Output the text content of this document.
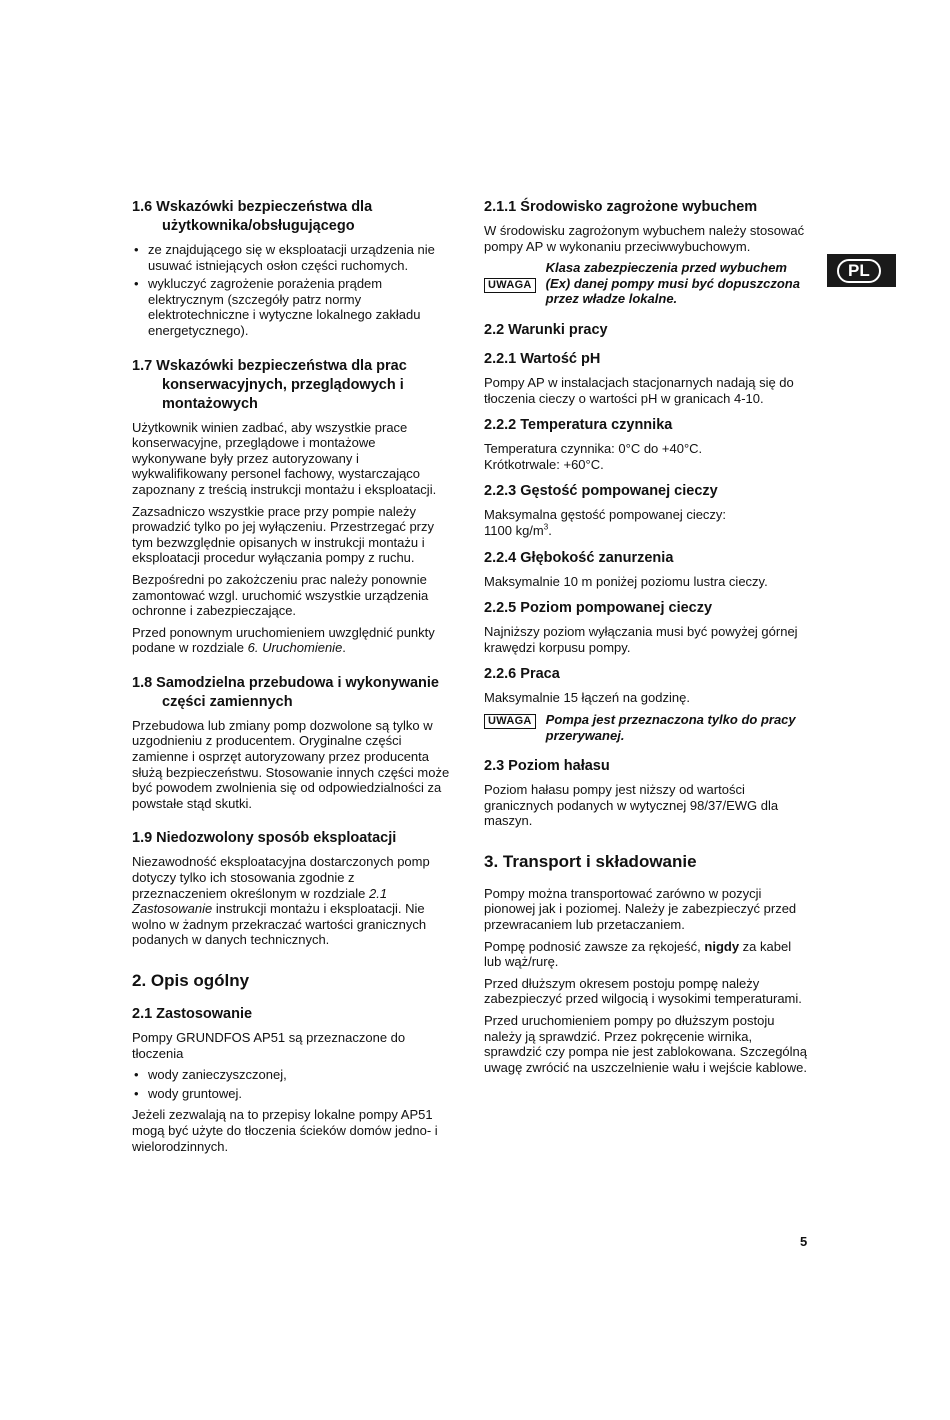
PL
1.6 Wskazówki bezpieczeństwa dla użytkownika/obsługującego
• ze znajdującego się w eksploatacji urządzenia nie usuwać istniejących osłon części ruchomych.
• wykluczyć zagrożenie porażenia prądem elektrycznym (szczegóły patrz normy elektrotechniczne i wytyczne lokalnego zakładu energetycznego).
1.7 Wskazówki bezpieczeństwa dla prac konserwacyjnych, przeglądowych i montażowych

Użytkownik winien zadbać, aby wszystkie prace konserwacyjne, przeglądowe i montażowe wykonywane były przez autoryzowany i wykwalifikowany personel fachowy, wystarczająco zapoznany z treścią instrukcji montażu i eksploatacji.

Zazsadniczo wszystkie prace przy pompie należy prowadzić tylko po jej wyłączeniu. Przestrzegać przy tym bezwzględnie opisanych w instrukcji montażu i eksploatacji procedur wyłączania pompy z ruchu.

Bezpośredni po zakożczeniu prac należy ponownie zamontować wzgl. uruchomić wszystkie urządzenia ochronne i zabezpieczające.

Przed ponownym uruchomieniem uwzględnić punkty podane w rozdziale 6. Uruchomienie.

1.8 Samodzielna przebudowa i wykonywanie części zamiennych

Przebudowa lub zmiany pomp dozwolone są tylko w uzgodnieniu z producentem. Oryginalne części zamienne i osprzęt autoryzowany przez producenta służą bezpieczeństwu. Stosowanie innych części może być powodem zwolnienia się od odpowiedzialności za powstałe stąd skutki.

1.9 Niedozwolony sposób eksploatacji

Niezawodność eksploatacyjna dostarczonych pomp dotyczy tylko ich stosowania zgodnie z przeznaczeniem określonym w rozdziale 2.1 Zastosowanie instrukcji montażu i eksploatacji. Nie wolno w żadnym przekraczać wartości granicznych podanych w danych technicznych.

2. Opis ogólny
2.1 Zastosowanie

Pompy GRUNDFOS AP51 są przeznaczone do tłoczenia

• wody zanieczyszczonej,
• wody gruntowej.

Jeżeli zezwalają na to przepisy lokalne pompy AP51 mogą być użyte do tłoczenia ścieków domów jedno- i wielorodzinnych.

2.1.1 Środowisko zagrożone wybuchem

W środowisku zagrożonym wybuchem należy stosować pompy AP w wykonaniu przeciwwybuchowym.

UWAGA
Klasa zabezpieczenia przed wybuchem (Ex) danej pompy musi być dopuszczona przez władze lokalne.
2.2 Warunki pracy
2.2.1 Wartość pH

Pompy AP w instalacjach stacjonarnych nadają się do tłoczenia cieczy o wartości pH w granicach 4-10.

2.2.2 Temperatura czynnika

Temperatura czynnika: 0°C do +40°C.
Krótkotrwale: +60°C.

2.2.3 Gęstość pompowanej cieczy

Maksymalna gęstość pompowanej cieczy:
1100 $kg/m^3$.

2.2.4 Głębokość zanurzenia

Maksymalnie 10 m poniżej poziomu lustra cieczy.

2.2.5 Poziom pompowanej cieczy

Najniższy poziom wyłączania musi być powyżej górnej krawędzi korpusu pompy.

2.2.6 Praca

Maksymalnie 15 łączeń na godzinę.

UWAGA	Pompa jest przeznaczona tylko do pracy przerywanej.
2.3 Poziom hałasu

Poziom hałasu pompy jest niższy od wartości granicznych podanych w wytycznej 98/37/EWG dla maszyn.

3. Transport i składowanie

Pompy można transportować zarówno w pozycji pionowej jak i poziomej. Należy je zabezpieczyć przed przewracaniem lub przetaczaniem.

Pompę podnosić zawsze za rękojeść, nigdy za kabel lub wąż/rurę.

Przed dłuższym okresem postoju pompę należy zabezpieczyć przed wilgocią i wysokimi temperaturami.

Przed uruchomieniem pompy po dłuższym postoju należy ją sprawdzić. Przez pokręcenie wirnika, sprawdzić czy pompa nie jest zablokowana. Szczególną uwagę zwrócić na uszczelnienie wału i wejście kablowe.

5
